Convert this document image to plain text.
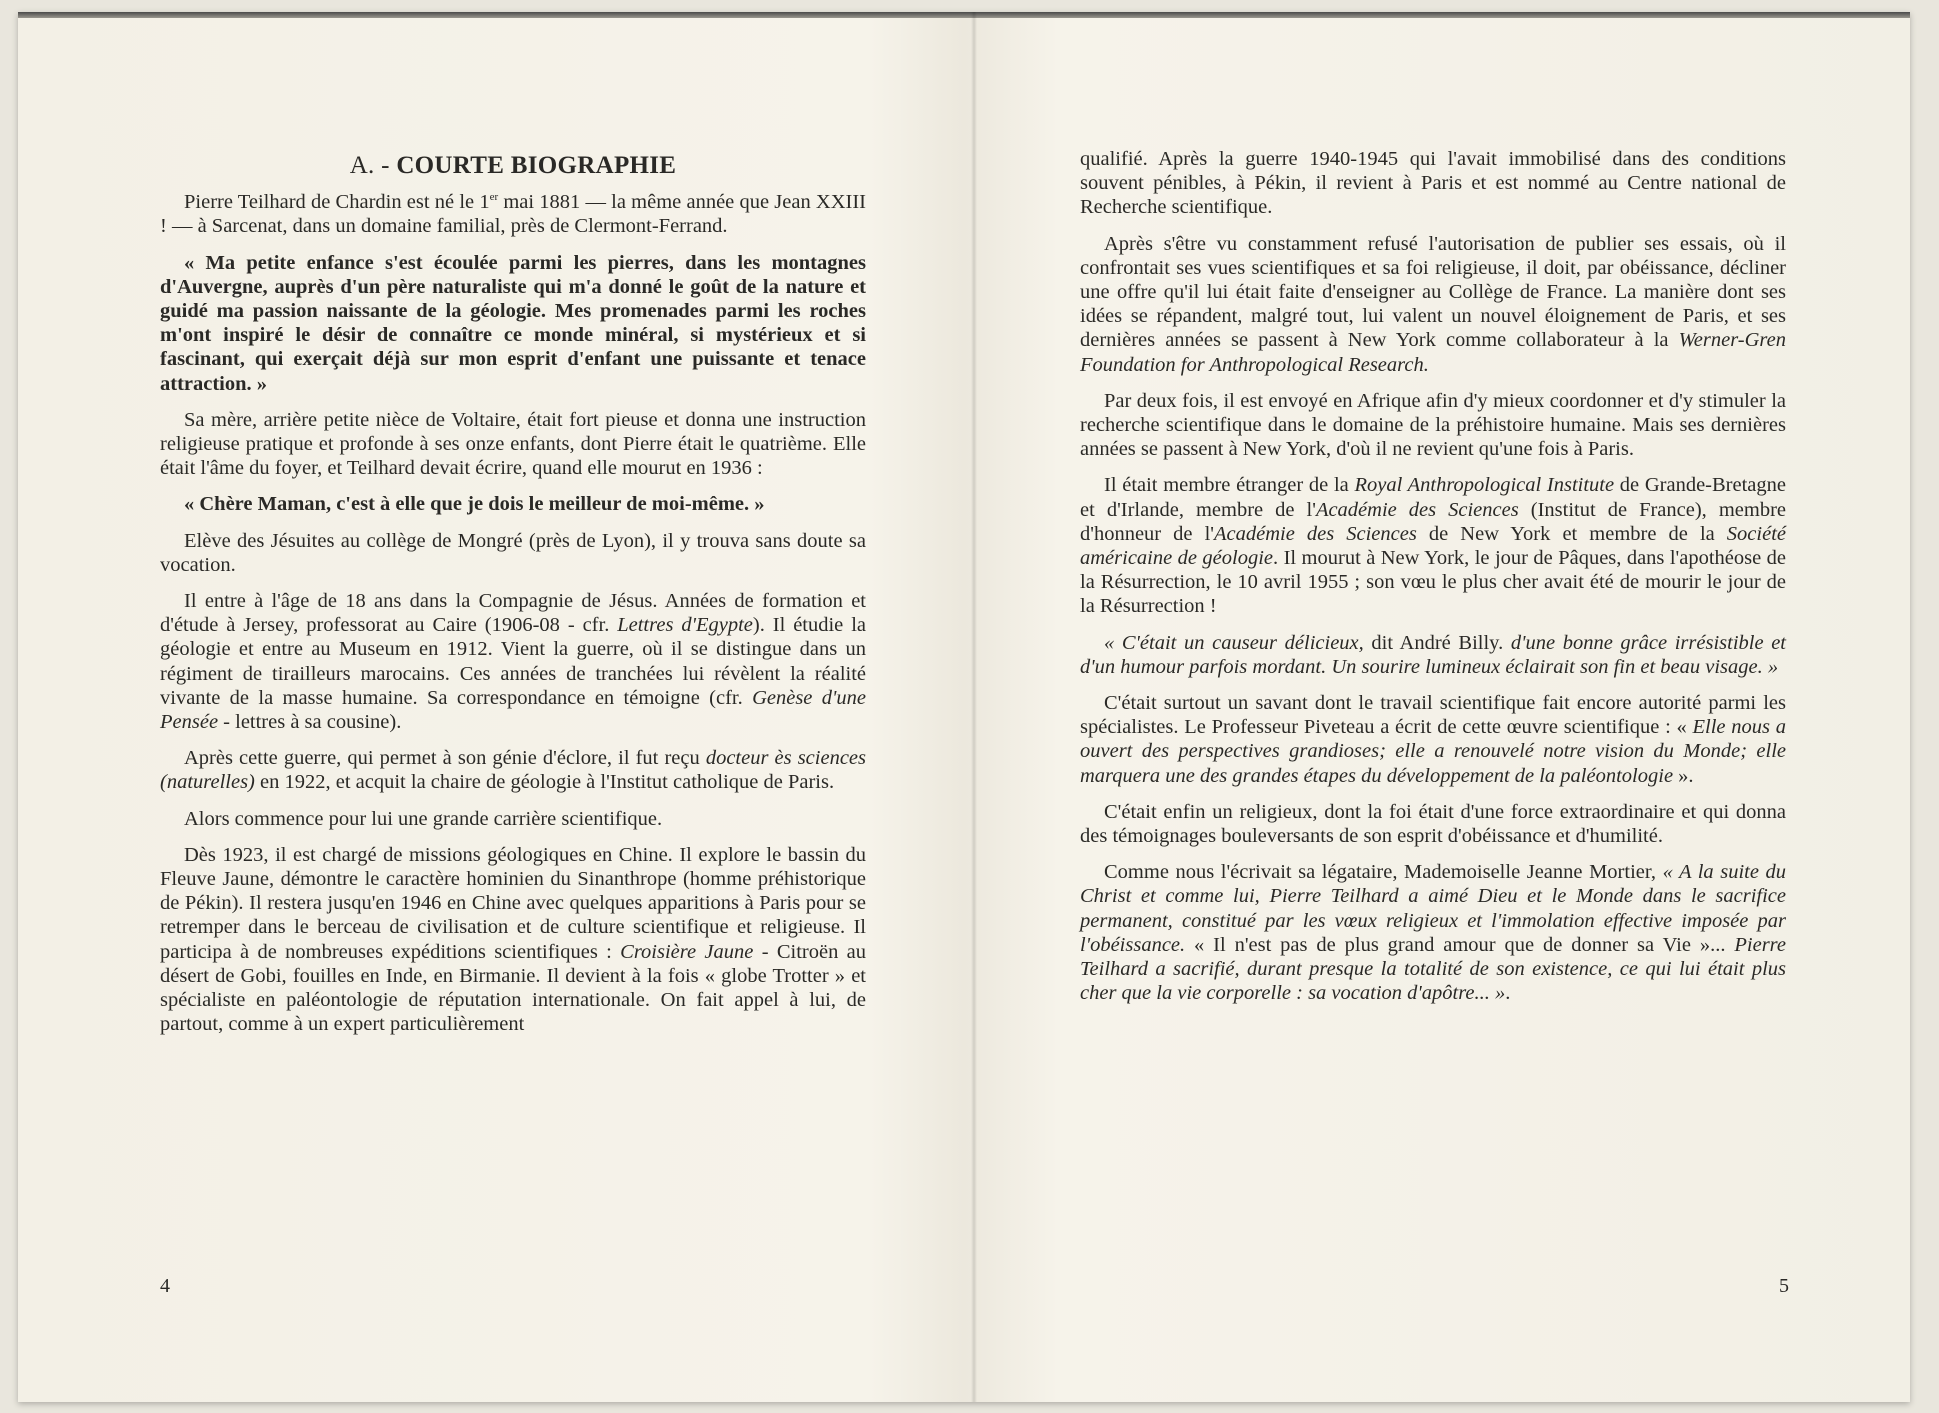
A. - COURTE BIOGRAPHIE

Pierre Teilhard de Chardin est né le 1er mai 1881 — la même année que Jean XXIII ! — à Sarcenat, dans un domaine familial, près de Clermont-Ferrand.

« Ma petite enfance s'est écoulée parmi les pierres, dans les montagnes d'Auvergne, auprès d'un père naturaliste qui m'a donné le goût de la nature et guidé ma passion naissante de la géologie. Mes promenades parmi les roches m'ont inspiré le désir de connaître ce monde minéral, si mystérieux et si fascinant, qui exerçait déjà sur mon esprit d'enfant une puissante et tenace attraction. »

Sa mère, arrière petite nièce de Voltaire, était fort pieuse et donna une instruction religieuse pratique et profonde à ses onze enfants, dont Pierre était le quatrième. Elle était l'âme du foyer, et Teilhard devait écrire, quand elle mourut en 1936 :

« Chère Maman, c'est à elle que je dois le meilleur de moi-même. »

Elève des Jésuites au collège de Mongré (près de Lyon), il y trouva sans doute sa vocation.

Il entre à l'âge de 18 ans dans la Compagnie de Jésus. Années de formation et d'étude à Jersey, professorat au Caire (1906-08 - cfr. Lettres d'Egypte). Il étudie la géologie et entre au Museum en 1912. Vient la guerre, où il se distingue dans un régiment de tirailleurs marocains. Ces années de tranchées lui révèlent la réalité vivante de la masse humaine. Sa correspondance en témoigne (cfr. Genèse d'une Pensée - lettres à sa cousine).

Après cette guerre, qui permet à son génie d'éclore, il fut reçu docteur ès sciences (naturelles) en 1922, et acquit la chaire de géologie à l'Institut catholique de Paris.

Alors commence pour lui une grande carrière scientifique.

Dès 1923, il est chargé de missions géologiques en Chine. Il explore le bassin du Fleuve Jaune, démontre le caractère hominien du Sinanthrope (homme préhistorique de Pékin). Il restera jusqu'en 1946 en Chine avec quelques apparitions à Paris pour se retremper dans le berceau de civilisation et de culture scientifique et religieuse. Il participa à de nombreuses expéditions scientifiques : Croisière Jaune - Citroën au désert de Gobi, fouilles en Inde, en Birmanie. Il devient à la fois « globe Trotter » et spécialiste en paléontologie de réputation internationale. On fait appel à lui, de partout, comme à un expert particulièrement

4

qualifié. Après la guerre 1940-1945 qui l'avait immobilisé dans des conditions souvent pénibles, à Pékin, il revient à Paris et est nommé au Centre national de Recherche scientifique.

Après s'être vu constamment refusé l'autorisation de publier ses essais, où il confrontait ses vues scientifiques et sa foi religieuse, il doit, par obéissance, décliner une offre qu'il lui était faite d'enseigner au Collège de France. La manière dont ses idées se répandent, malgré tout, lui valent un nouvel éloignement de Paris, et ses dernières années se passent à New York comme collaborateur à la Werner-Gren Foundation for Anthropological Research.

Par deux fois, il est envoyé en Afrique afin d'y mieux coordonner et d'y stimuler la recherche scientifique dans le domaine de la préhistoire humaine. Mais ses dernières années se passent à New York, d'où il ne revient qu'une fois à Paris.

Il était membre étranger de la Royal Anthropological Institute de Grande-Bretagne et d'Irlande, membre de l'Académie des Sciences (Institut de France), membre d'honneur de l'Académie des Sciences de New York et membre de la Société américaine de géologie. Il mourut à New York, le jour de Pâques, dans l'apothéose de la Résurrection, le 10 avril 1955 ; son vœu le plus cher avait été de mourir le jour de la Résurrection !

« C'était un causeur délicieux, dit André Billy. d'une bonne grâce irrésistible et d'un humour parfois mordant. Un sourire lumineux éclairait son fin et beau visage. »

C'était surtout un savant dont le travail scientifique fait encore autorité parmi les spécialistes. Le Professeur Piveteau a écrit de cette œuvre scientifique : « Elle nous a ouvert des perspectives grandioses; elle a renouvelé notre vision du Monde; elle marquera une des grandes étapes du développement de la paléontologie ».

C'était enfin un religieux, dont la foi était d'une force extraordinaire et qui donna des témoignages bouleversants de son esprit d'obéissance et d'humilité.

Comme nous l'écrivait sa légataire, Mademoiselle Jeanne Mortier, « A la suite du Christ et comme lui, Pierre Teilhard a aimé Dieu et le Monde dans le sacrifice permanent, constitué par les vœux religieux et l'immolation effective imposée par l'obéissance. « Il n'est pas de plus grand amour que de donner sa Vie »... Pierre Teilhard a sacrifié, durant presque la totalité de son existence, ce qui lui était plus cher que la vie corporelle : sa vocation d'apôtre... ».

5
